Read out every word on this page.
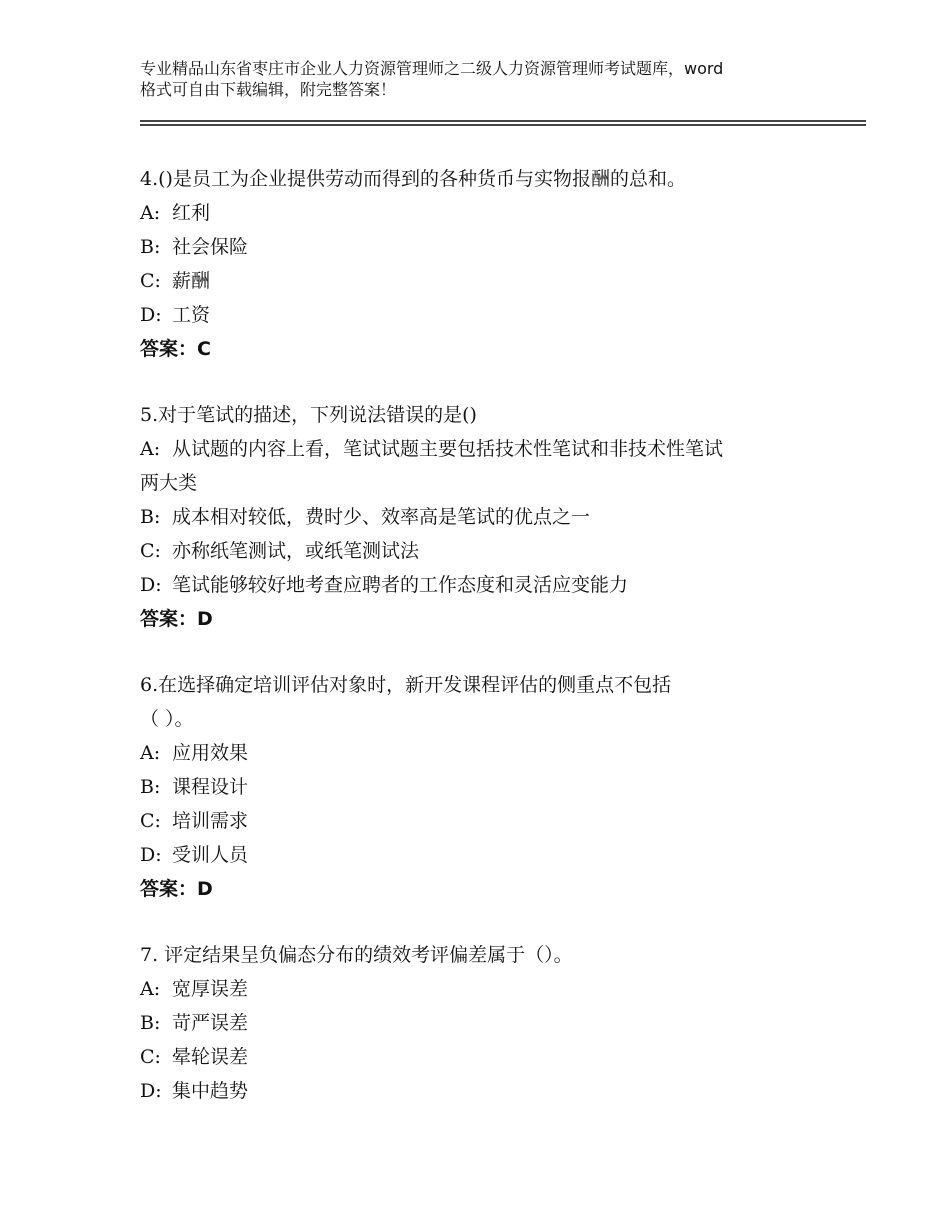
专业精品山东省枣庄市企业人力资源管理师之二级人力资源管理师考试题库，word
格式可自由下载编辑，附完整答案！
4.()是员工为企业提供劳动而得到的各种货币与实物报酬的总和。
A: 红利
B: 社会保险
C: 薪酬
D: 工资
答案：C
5.对于笔试的描述，下列说法错误的是()
A: 从试题的内容上看，笔试试题主要包括技术性笔试和非技术性笔试
两大类
B: 成本相对较低，费时少、效率高是笔试的优点之一
C: 亦称纸笔测试，或纸笔测试法
D: 笔试能够较好地考查应聘者的工作态度和灵活应变能力
答案：D
6.在选择确定培训评估对象时，新开发课程评估的侧重点不包括
（ ）。
A: 应用效果
B: 课程设计
C: 培训需求
D: 受训人员
答案：D
7. 评定结果呈负偏态分布的绩效考评偏差属于（）。
A: 宽厚误差
B: 苛严误差
C: 晕轮误差
D: 集中趋势
